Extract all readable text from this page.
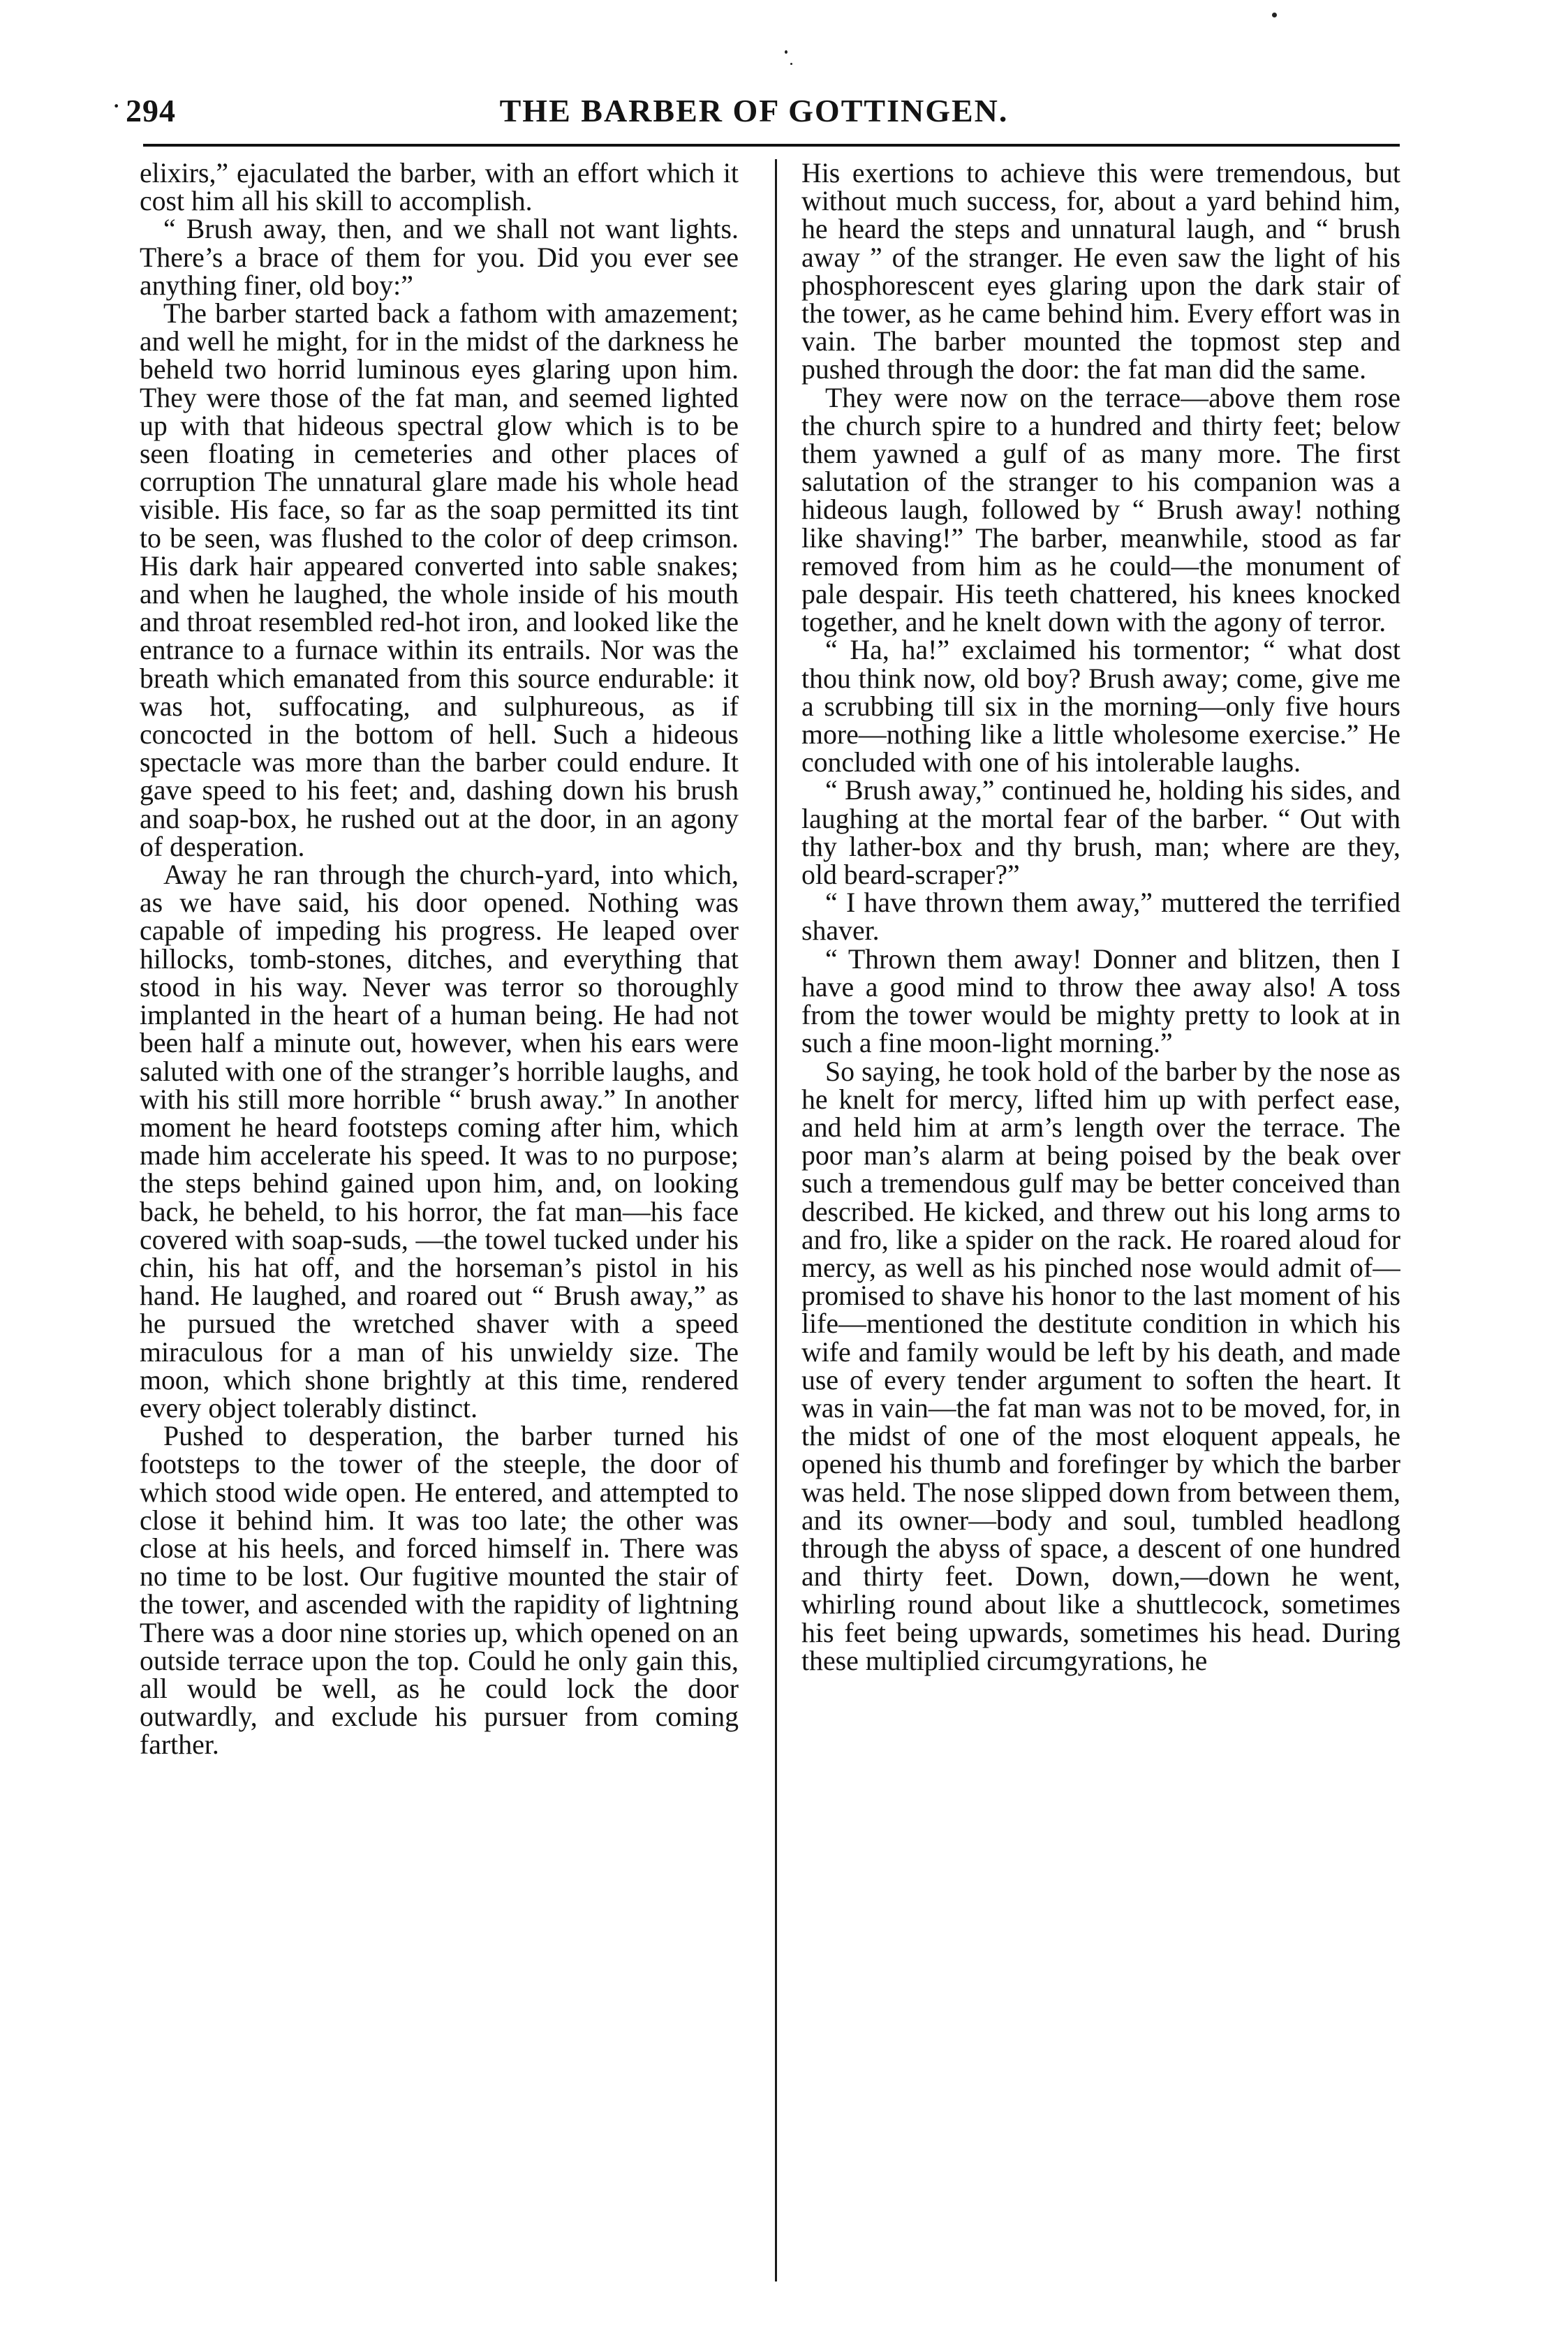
· 294	THE BARBER OF GOTTINGEN.

elixirs,” ejaculated the barber, with an effort which it cost him all his skill to accomplish.

“ Brush away, then, and we shall not want lights. There’s a brace of them for you. Did you ever see anything finer, old boy:”

The barber started back a fathom with amazement; and well he might, for in the midst of the darkness he beheld two horrid luminous eyes glaring upon him. They were those of the fat man, and seemed lighted up with that hideous spectral glow which is to be seen floating in cemeteries and other places of corruption The unnatural glare made his whole head visible. His face, so far as the soap permitted its tint to be seen, was flushed to the color of deep crimson. His dark hair appeared converted into sable snakes; and when he laughed, the whole inside of his mouth and throat resembled red-hot iron, and looked like the entrance to a furnace within its entrails. Nor was the breath which emanated from this source endurable: it was hot, suffocating, and sulphureous, as if concocted in the bottom of hell. Such a hideous spectacle was more than the barber could endure. It gave speed to his feet; and, dashing down his brush and soap-box, he rushed out at the door, in an agony of desperation.

Away he ran through the church-yard, into which, as we have said, his door opened. Nothing was capable of impeding his progress. He leaped over hillocks, tomb-stones, ditches, and everything that stood in his way. Never was terror so thoroughly implanted in the heart of a human being. He had not been half a minute out, however, when his ears were saluted with one of the stranger’s horrible laughs, and with his still more horrible “ brush away.” In another moment he heard footsteps coming after him, which made him accelerate his speed. It was to no purpose; the steps behind gained upon him, and, on looking back, he beheld, to his horror, the fat man—his face covered with soap-suds, —the towel tucked under his chin, his hat off, and the horseman’s pistol in his hand. He laughed, and roared out “ Brush away,” as he pursued the wretched shaver with a speed miraculous for a man of his unwieldy size. The moon, which shone brightly at this time, rendered every object tolerably distinct.

Pushed to desperation, the barber turned his footsteps to the tower of the steeple, the door of which stood wide open. He entered, and attempted to close it behind him. It was too late; the other was close at his heels, and forced himself in. There was no time to be lost. Our fugitive mounted the stair of the tower, and ascended with the rapidity of lightning There was a door nine stories up, which opened on an outside terrace upon the top. Could he only gain this, all would be well, as he could lock the door outwardly, and exclude his pursuer from coming farther.

His exertions to achieve this were tremendous, but without much success, for, about a yard behind him, he heard the steps and unnatural laugh, and “ brush away ” of the stranger. He even saw the light of his phosphorescent eyes glaring upon the dark stair of the tower, as he came behind him. Every effort was in vain. The barber mounted the topmost step and pushed through the door: the fat man did the same.

They were now on the terrace—above them rose the church spire to a hundred and thirty feet; below them yawned a gulf of as many more. The first salutation of the stranger to his companion was a hideous laugh, followed by “ Brush away! nothing like shaving!” The barber, meanwhile, stood as far removed from him as he could—the monument of pale despair. His teeth chattered, his knees knocked together, and he knelt down with the agony of terror.

“ Ha, ha!” exclaimed his tormentor; “ what dost thou think now, old boy? Brush away; come, give me a scrubbing till six in the morning—only five hours more—nothing like a little wholesome exercise.” He concluded with one of his intolerable laughs.

“ Brush away,” continued he, holding his sides, and laughing at the mortal fear of the barber. “ Out with thy lather-box and thy brush, man; where are they, old beard-scraper?”

“ I have thrown them away,” muttered the terrified shaver.

“ Thrown them away! Donner and blitzen, then I have a good mind to throw thee away also! A toss from the tower would be mighty pretty to look at in such a fine moon-light morning.”

So saying, he took hold of the barber by the nose as he knelt for mercy, lifted him up with perfect ease, and held him at arm’s length over the terrace. The poor man’s alarm at being poised by the beak over such a tremendous gulf may be better conceived than described. He kicked, and threw out his long arms to and fro, like a spider on the rack. He roared aloud for mercy, as well as his pinched nose would admit of—promised to shave his honor to the last moment of his life—mentioned the destitute condition in which his wife and family would be left by his death, and made use of every tender argument to soften the heart. It was in vain—the fat man was not to be moved, for, in the midst of one of the most eloquent appeals, he opened his thumb and forefinger by which the barber was held. The nose slipped down from between them, and its owner—body and soul, tumbled headlong through the abyss of space, a descent of one hundred and thirty feet. Down, down,—down he went, whirling round about like a shuttlecock, sometimes his feet being upwards, sometimes his head. During these multiplied circumgyrations, he
